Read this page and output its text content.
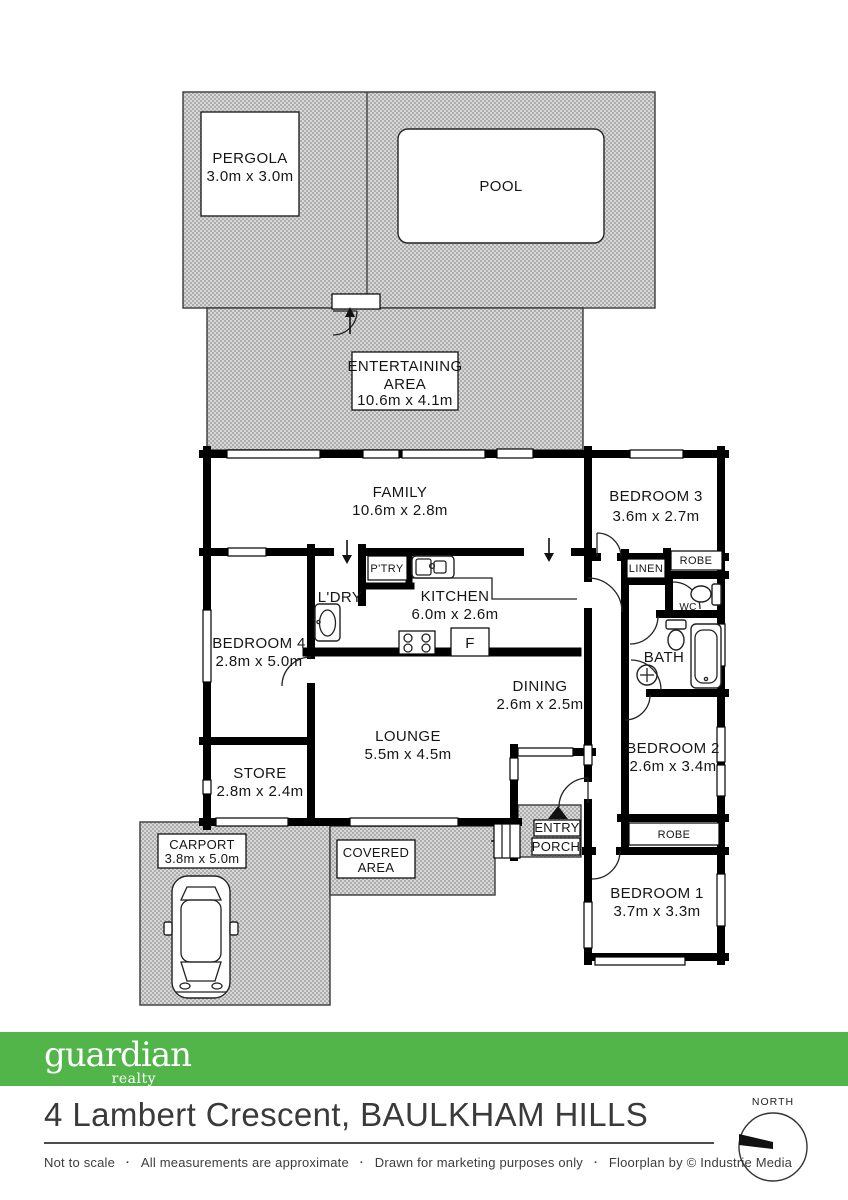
PERGOLA
3.0m x 3.0m
POOL
ENTERTAINING
AREA
10.6m x 4.1m
FAMILY
10.6m x 2.8m
BEDROOM 3
3.6m x 2.7m
P'TRY
L'DRY	KITCHEN
6.0m x 2.6m
LINEN
ROBE
WC
BEDROOM 4
2.8m x 5.0m	BATH
F
DINING
2.6m x 2.5m
LOUNGE
5.5m x 4.5m	BEDROOM 2
2.6m x 3.4m
STORE
2.8m x 2.4m
CARPORT
3.8m x 5.0m	COVERED
AREA
ENTRY
PORCH
ROBE
BEDROOM 1
3.7m x 3.3m
guardian
realty
4 Lambert Crescent, BAULKHAM HILLS
Not to scale · All measurements are approximate · Drawn for marketing purposes only · Floorplan by © Industrie Media
NORTH
